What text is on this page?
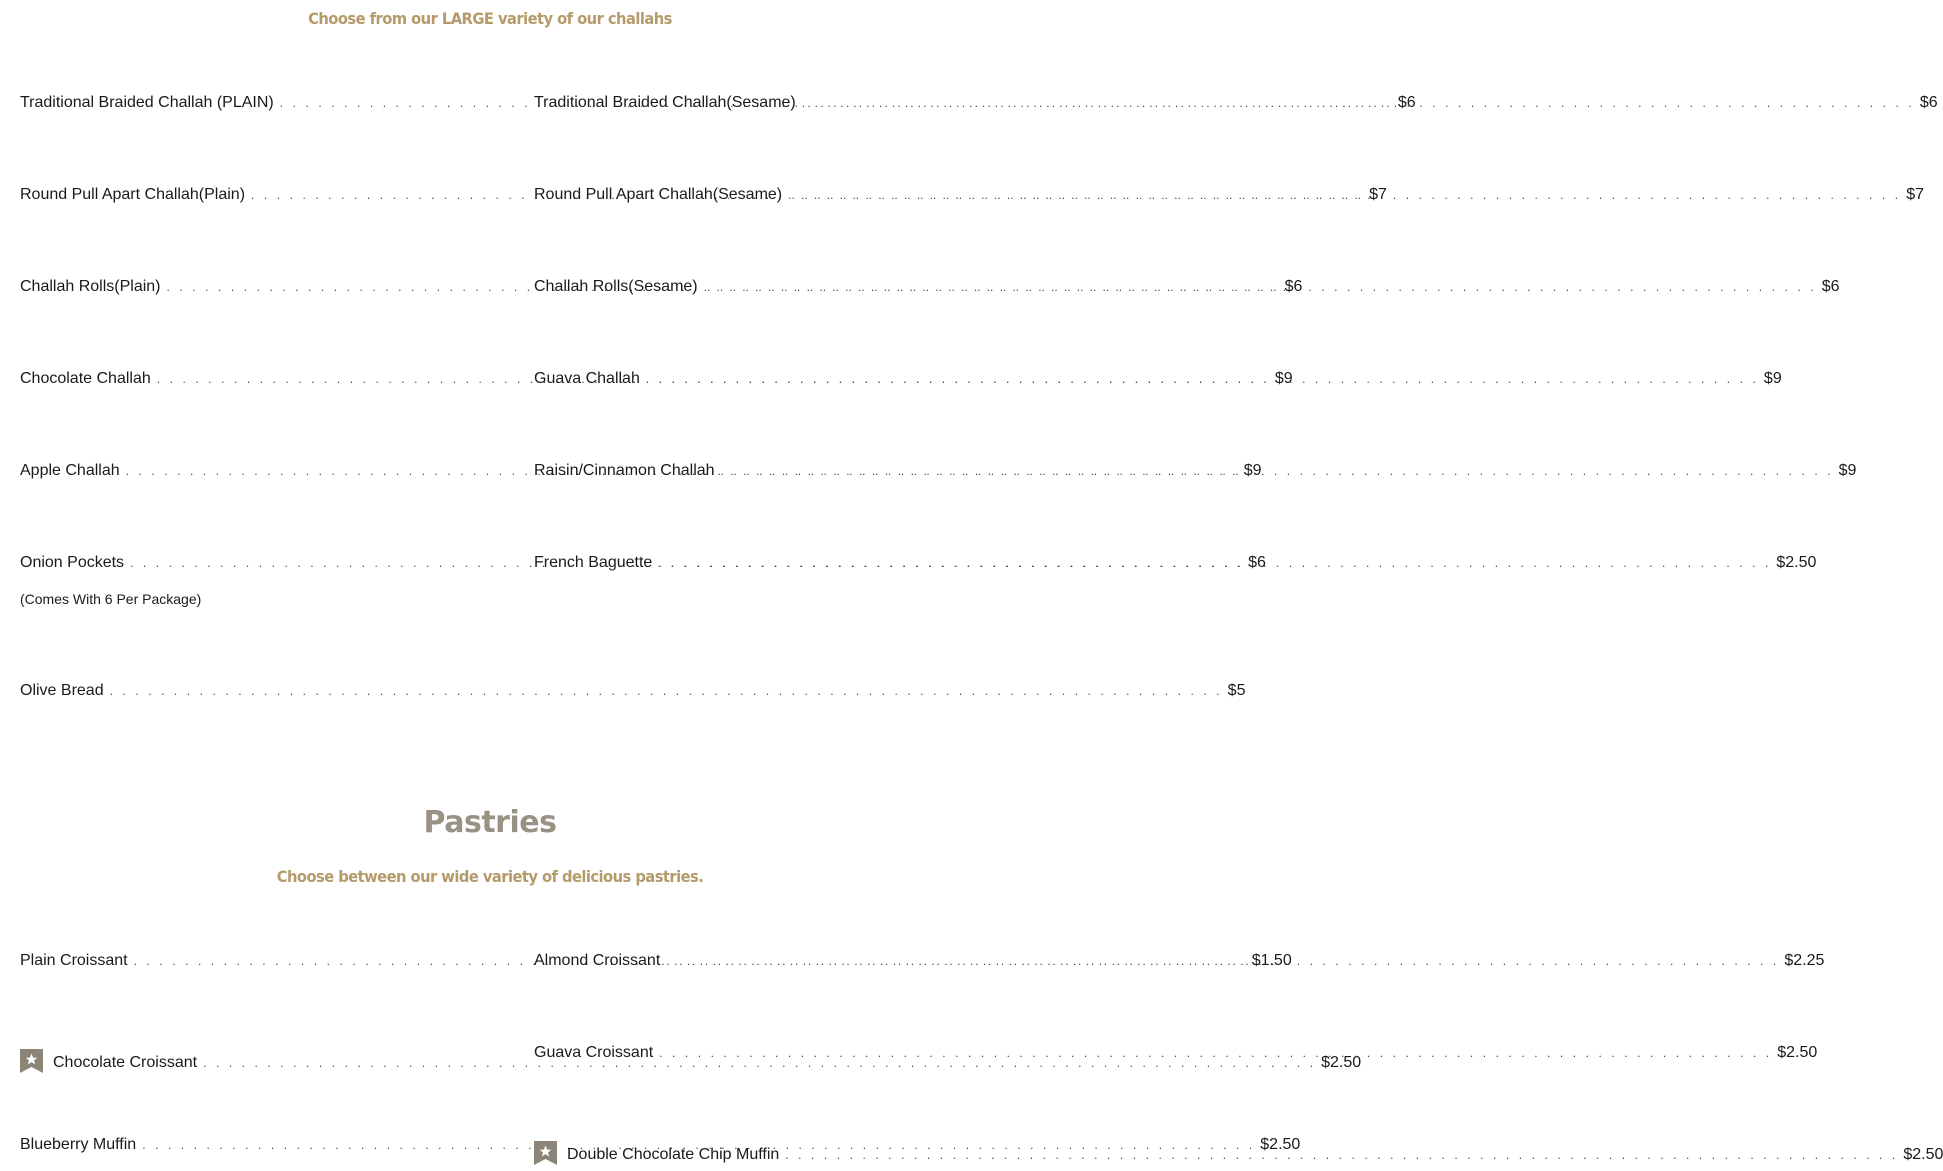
Choose from our LARGE variety of our challahs
Traditional Braided Challah (PLAIN) . . .	$6
Traditional Braided Challah(Sesame) . . .	$6
Round Pull Apart Challah(Plain) . . .	$7
Round Pull Apart Challah(Sesame) . . .	$7
Challah Rolls(Plain) . . .	$6
Challah Rolls(Sesame) . . .	$6
Chocolate Challah . . .	$9
Guava Challah . . .	$9
Apple Challah . . .	$9
Raisin/Cinnamon Challah . . .	$9
Onion Pockets . . .	$6
(Comes With 6 Per Package)
French Baguette . . .	$2.50
Olive Bread . . .	$5
Pastries
Choose between our wide variety of delicious pastries.
Plain Croissant . . .	$1.50
Almond Croissant . . .	$2.25
Chocolate Croissant . . .	$2.50
Guava Croissant . . .	$2.50
Blueberry Muffin . . .	$2.50
Double Chocolate Chip Muffin . . .	$2.50
